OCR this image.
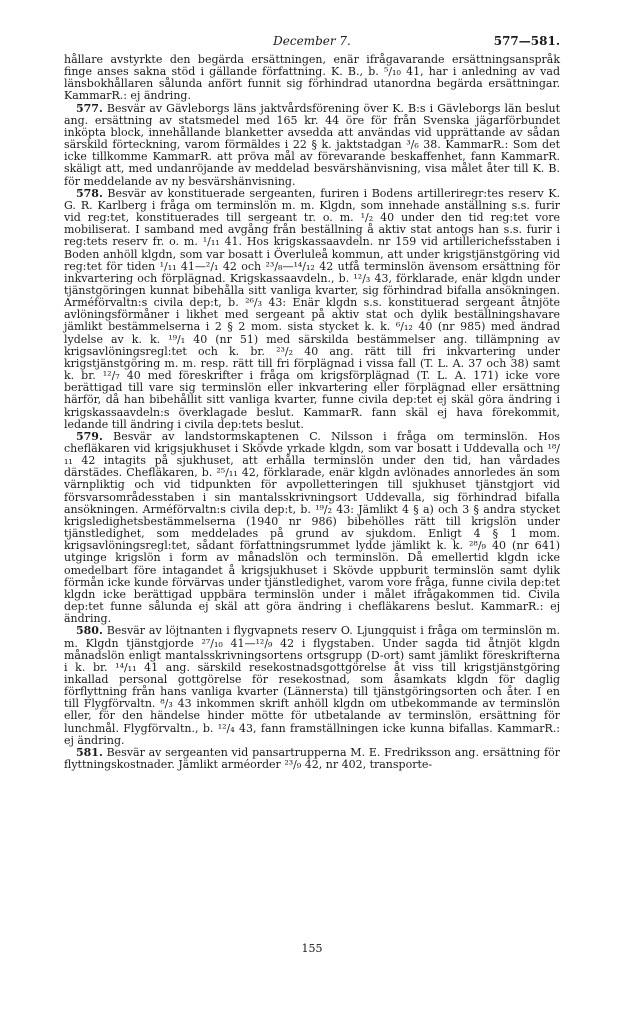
December 7.	577—581.

hållare avstyrkte den begärda ersättningen, enär ifrågavarande ersättningsanspråk finge anses sakna stöd i gällande författning. K. B., b. ⁵/₁₀ 41, har i anledning av vad länsbokhållaren sålunda anfört funnit sig förhindrad utanordna begärda ersättningar. KammarR.: ej ändring.

577. Besvär av Gävleborgs läns jaktvårdsförening över K. B:s i Gävleborgs län beslut ang. ersättning av statsmedel med 165 kr. 44 öre för från Svenska jägarförbundet inköpta block, innehållande blanketter avsedda att användas vid upprättande av sådan särskild förteckning, varom förmäldes i 22 § k. jaktstadgan ³/₆ 38. KammarR.: Som det icke tillkomme KammarR. att pröva mål av förevarande beskaffenhet, fann KammarR. skäligt att, med undanröjande av meddelad besvärshänvisning, visa målet åter till K. B. för meddelande av ny besvärshänvisning.

578. Besvär av konstituerade sergeanten, furiren i Bodens artilleriregr:tes reserv K. G. R. Karlberg i fråga om terminslön m. m. Klgdn, som innehade anställning s.s. furir vid reg:tet, konstituerades till sergeant tr. o. m. ¹/₂ 40 under den tid reg:tet vore mobiliserat. I samband med avgång från beställning å aktiv stat antogs han s.s. furir i reg:tets reserv fr. o. m. ¹/₁₁ 41. Hos krigskassaavdeln. nr 159 vid artillerichefsstaben i Boden anhöll klgdn, som var bosatt i Överluleå kommun, att under krigstjänstgöring vid reg:tet för tiden ¹/₁₁ 41—²/₁ 42 och ²³/₈—¹⁴/₁₂ 42 utfå terminslön ävensom ersättning för inkvartering och förplägnad. Krigskassaavdeln., b. ¹²/₃ 43, förklarade, enär klgdn under tjänstgöringen kunnat bibehålla sitt vanliga kvarter, sig förhindrad bifalla ansökningen. Arméförvaltn:s civila dep:t, b. ²⁶/₃ 43: Enär klgdn s.s. konstituerad sergeant åtnjöte avlöningsförmåner i likhet med sergeant på aktiv stat och dylik beställningshavare jämlikt bestämmelserna i 2 § 2 mom. sista stycket k. k. ⁶/₁₂ 40 (nr 985) med ändrad lydelse av k. k. ¹⁹/₁ 40 (nr 51) med särskilda bestämmelser ang. tillämpning av krigsavlöningsregl:tet och k. br. ²³/₂ 40 ang. rätt till fri inkvartering under krigstjänstgöring m. m. resp. rätt till fri förplägnad i vissa fall (T. L. A. 37 och 38) samt k. br. ¹²/₇ 40 med föreskrifter i fråga om krigsförplägnad (T. L. A. 171) icke vore berättigad till vare sig terminslön eller inkvartering eller förplägnad eller ersättning härför, då han bibehållit sitt vanliga kvarter, funne civila dep:tet ej skäl göra ändring i krigskassaavdeln:s överklagade beslut. KammarR. fann skäl ej hava förekommit, ledande till ändring i civila dep:tets beslut.

579. Besvär av landstormskaptenen C. Nilsson i fråga om terminslön. Hos chefläkaren vid krigsjukhuset i Skövde yrkade klgdn, som var bosatt i Uddevalla och ¹⁸/₁₁ 42 intagits på sjukhuset, att erhålla terminslön under den tid, han vårdades därstädes. Chefläkaren, b. ²⁵/₁₁ 42, förklarade, enär klgdn avlönades annorledes än som värnpliktig och vid tidpunkten för avpolletteringen till sjukhuset tjänstgjort vid försvarsområdesstaben i sin mantalsskrivningsort Uddevalla, sig förhindrad bifalla ansökningen. Arméförvaltn:s civila dep:t, b. ¹⁹/₂ 43: Jämlikt 4 § a) och 3 § andra stycket krigsledighetsbestämmelserna (1940 nr 986) bibehölles rätt till krigslön under tjänstledighet, som meddelades på grund av sjukdom. Enligt 4 § 1 mom. krigsavlöningsregl:tet, sådant författningsrummet lydde jämlikt k. k. ²⁸/₉ 40 (nr 641) utginge krigslön i form av månadslön och terminslön. Då emellertid klgdn icke omedelbart före intagandet å krigsjukhuset i Skövde uppburit terminslön samt dylik förmån icke kunde förvärvas under tjänstledighet, varom vore fråga, funne civila dep:tet klgdn icke berättigad uppbära terminslön under i målet ifrågakommen tid. Civila dep:tet funne sålunda ej skäl att göra ändring i chefläkarens beslut. KammarR.: ej ändring.

580. Besvär av löjtnanten i flygvapnets reserv O. Ljungquist i fråga om terminslön m. m. Klgdn tjänstgjorde ²⁷/₁₀ 41—¹²/₉ 42 i flygstaben. Under sagda tid åtnjöt klgdn månadslön enligt mantalsskrivningsortens ortsgrupp (D-ort) samt jämlikt föreskrifterna i k. br. ¹⁴/₁₁ 41 ang. särskild resekostnadsgottgörelse åt viss till krigstjänstgöring inkallad personal gottgörelse för resekostnad, som åsamkats klgdn för daglig förflyttning från hans vanliga kvarter (Lännersta) till tjänstgöringsorten och åter. I en till Flygförvaltn. ⁸/₃ 43 inkommen skrift anhöll klgdn om utbekommande av terminslön eller, för den händelse hinder mötte för utbetalande av terminslön, ersättning för lunchmål. Flygförvaltn., b. ¹²/₄ 43, fann framställningen icke kunna bifallas. KammarR.: ej ändring.

581. Besvär av sergeanten vid pansartrupperna M. E. Fredriksson ang. ersättning för flyttningskostnader. Jämlikt arméorder ²³/₉ 42, nr 402, transporte-

155
